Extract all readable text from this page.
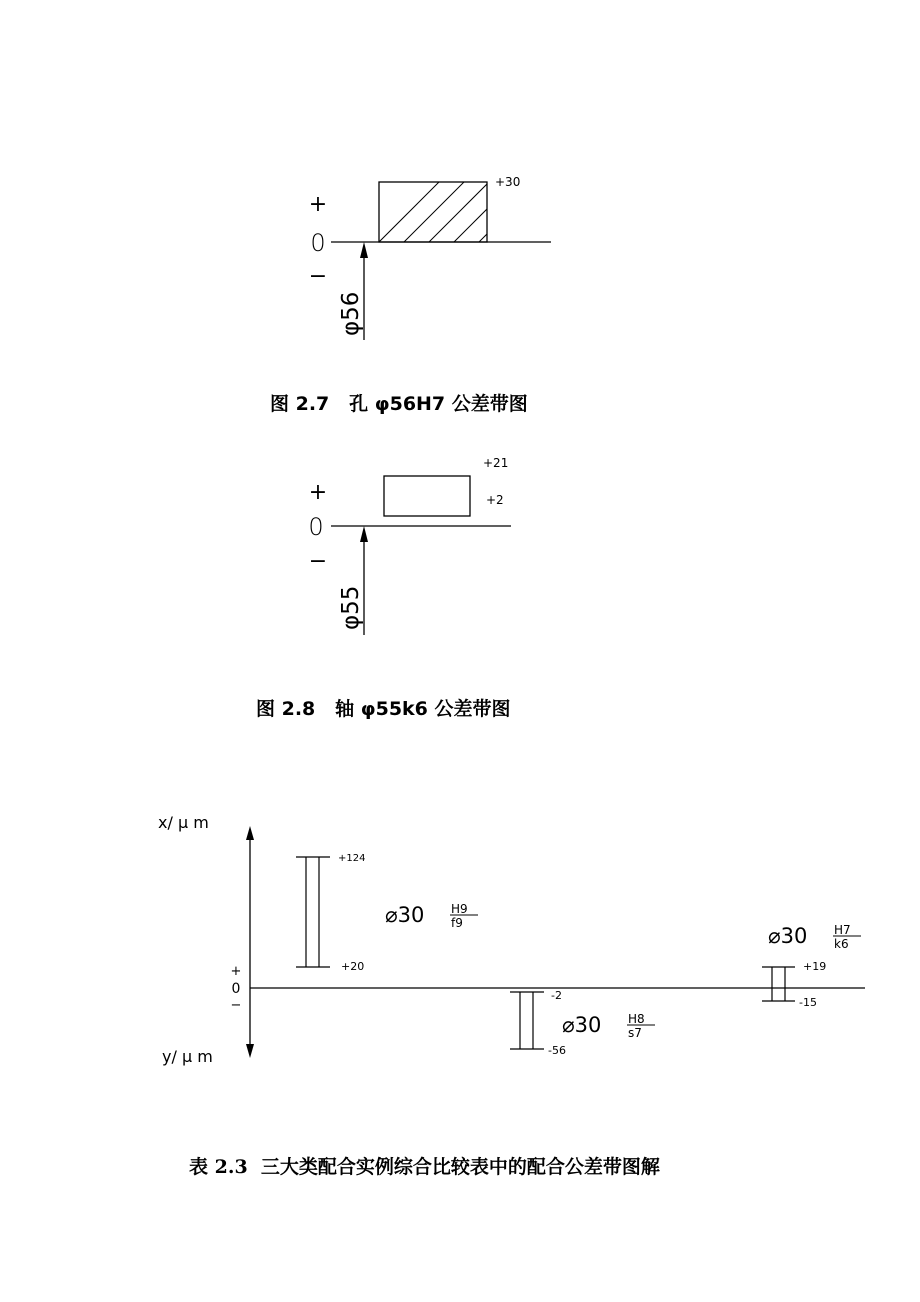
+
0
−
+30
φ56
图 2.7   孔 φ56H7 公差带图
+
0
−
+21
+2
φ55
图 2.8   轴 φ55k6 公差带图
x/ μ m
y/ μ m
+
0
−
+124
+20
⌀30 H9
f9
-2
-56
⌀30 H8
s7
+19
-15
⌀30 H7
k6
表 2.3  三大类配合实例综合比较表中的配合公差带图解
